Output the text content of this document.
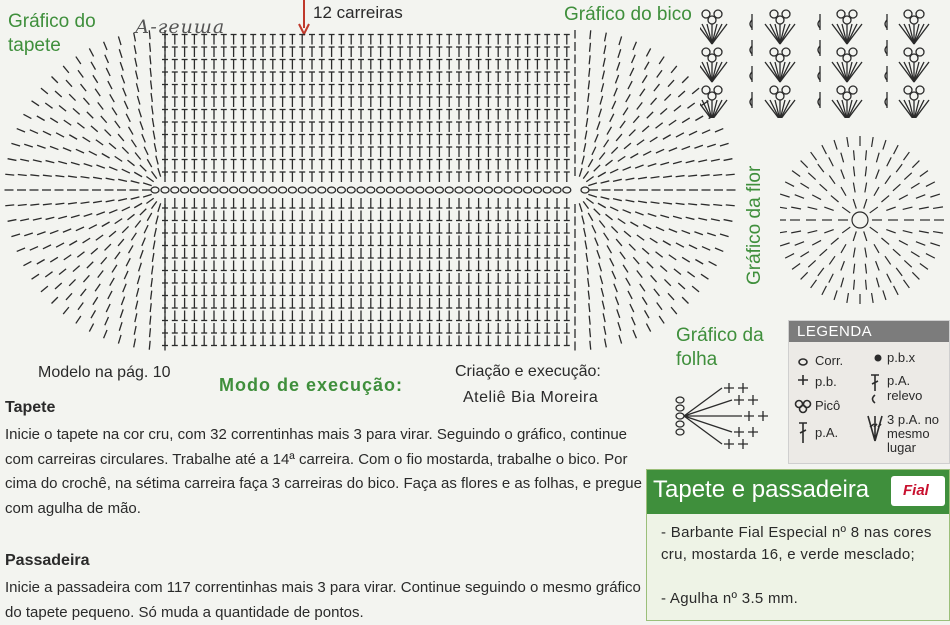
Gráfico do
tapete
А-геиша
12 carreiras	Gráfico do bico
Gráfico da flor
Gráfico da
folha
LEGENDA
Corr.
p.b.
Picô
p.A.
p.b.x
p.A.
relevo
3 p.A. no
mesmo
lugar
Modelo na pág. 10
Modo de execução:
Criação e execução:
Ateliê Bia Moreira
Tapete
Inicie o tapete na cor cru, com 32 correntinhas mais 3 para virar. Seguindo o gráfico, continue com carreiras circulares. Trabalhe até a 14ª carreira. Com o fio mostarda, trabalhe o bico. Por cima do crochê, na sétima carreira faça 3 carreiras do bico. Faça as flores e as folhas, e pregue com agulha de mão.
Passadeira
Inicie a passadeira com 117 correntinhas mais 3 para virar. Continue seguindo o mesmo gráfico do tapete pequeno. Só muda a quantidade de pontos.
Tapete e passadeira Fial
- Barbante Fial Especial nº 8 nas cores cru, mostarda 16, e verde mesclado;
- Agulha nº 3.5 mm.
